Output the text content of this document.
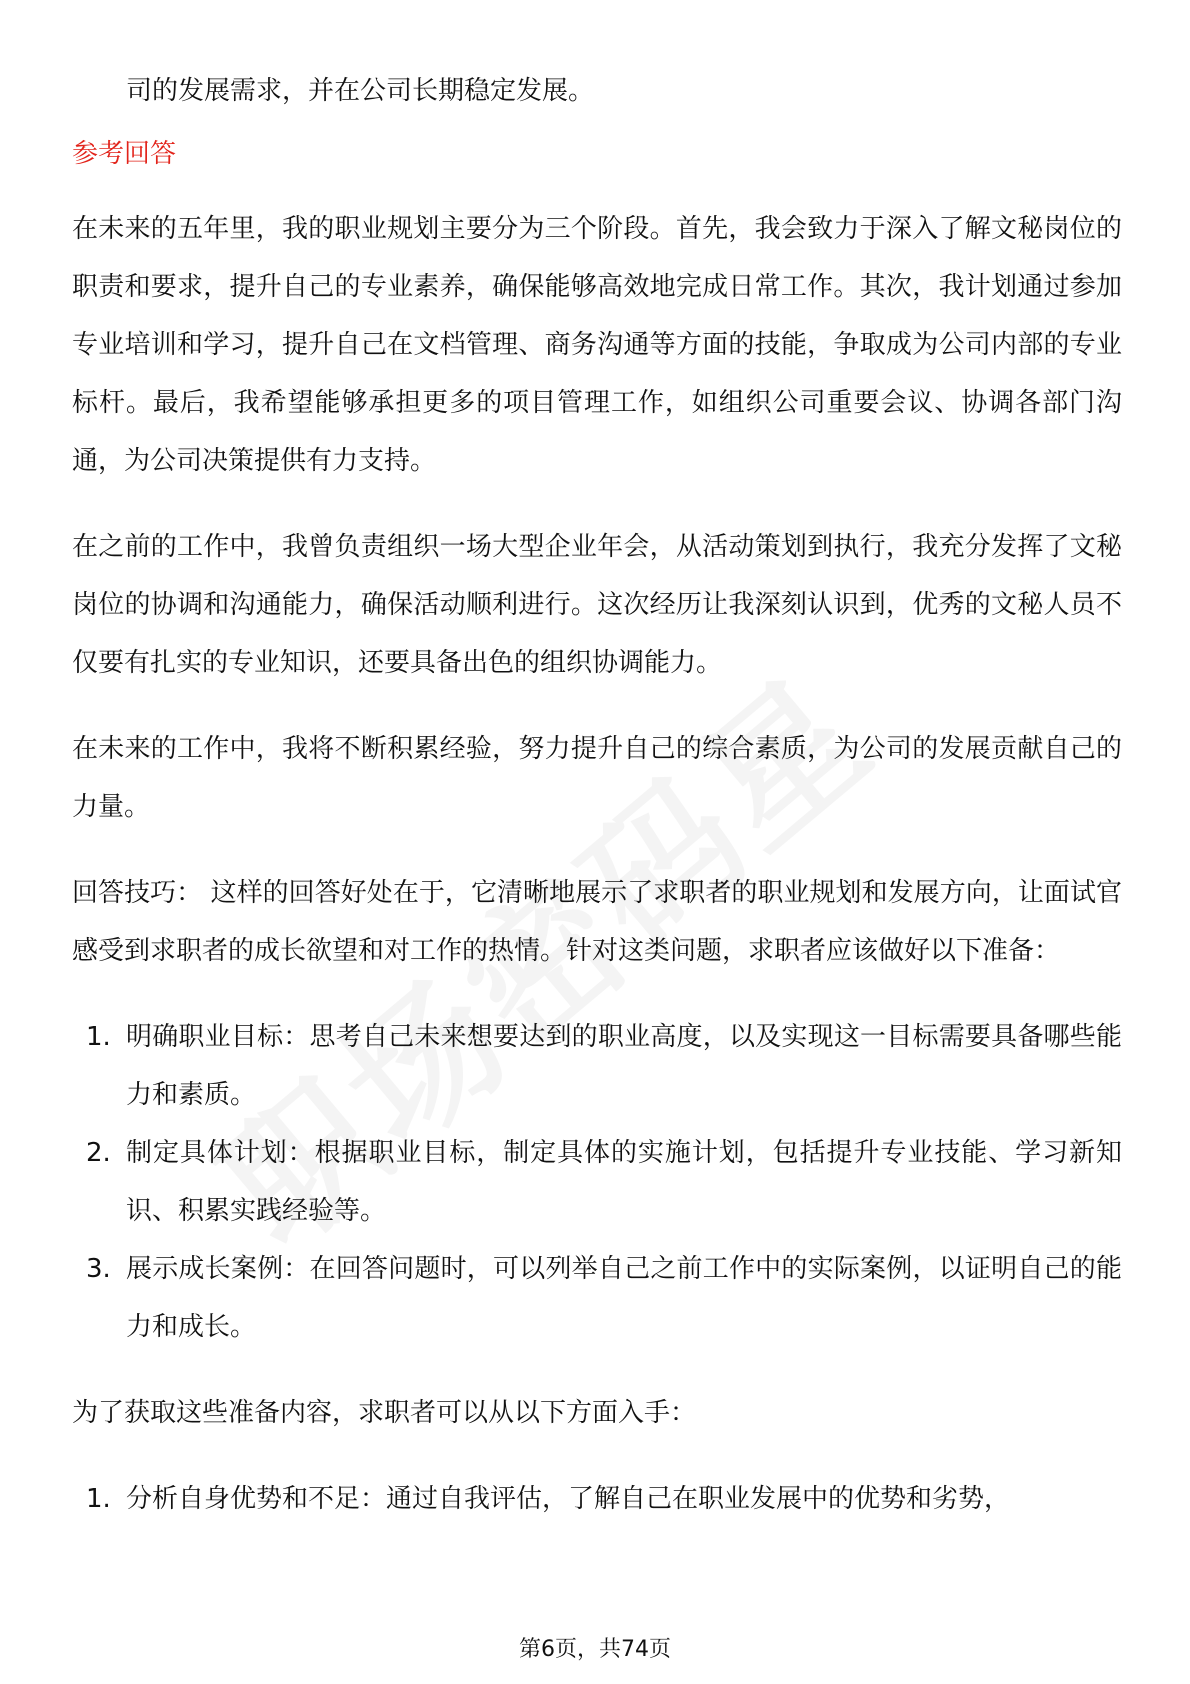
司的发展需求，并在公司长期稳定发展。

参考回答

在未来的五年里，我的职业规划主要分为三个阶段。首先，我会致力于深入了解文秘岗位的职责和要求，提升自己的专业素养，确保能够高效地完成日常工作。其次，我计划通过参加专业培训和学习，提升自己在文档管理、商务沟通等方面的技能，争取成为公司内部的专业标杆。最后，我希望能够承担更多的项目管理工作，如组织公司重要会议、协调各部门沟通，为公司决策提供有力支持。

在之前的工作中，我曾负责组织一场大型企业年会，从活动策划到执行，我充分发挥了文秘岗位的协调和沟通能力，确保活动顺利进行。这次经历让我深刻认识到，优秀的文秘人员不仅要有扎实的专业知识，还要具备出色的组织协调能力。

在未来的工作中，我将不断积累经验，努力提升自己的综合素质，为公司的发展贡献自己的力量。

回答技巧： 这样的回答好处在于，它清晰地展示了求职者的职业规划和发展方向，让面试官感受到求职者的成长欲望和对工作的热情。针对这类问题，求职者应该做好以下准备：

1. 明确职业目标：思考自己未来想要达到的职业高度，以及实现这一目标需要具备哪些能力和素质。
2. 制定具体计划：根据职业目标，制定具体的实施计划，包括提升专业技能、学习新知识、积累实践经验等。
3. 展示成长案例：在回答问题时，可以列举自己之前工作中的实际案例，以证明自己的能力和成长。

为了获取这些准备内容，求职者可以从以下方面入手：

1. 分析自身优势和不足：通过自我评估，了解自己在职业发展中的优势和劣势，
第6页，共74页
